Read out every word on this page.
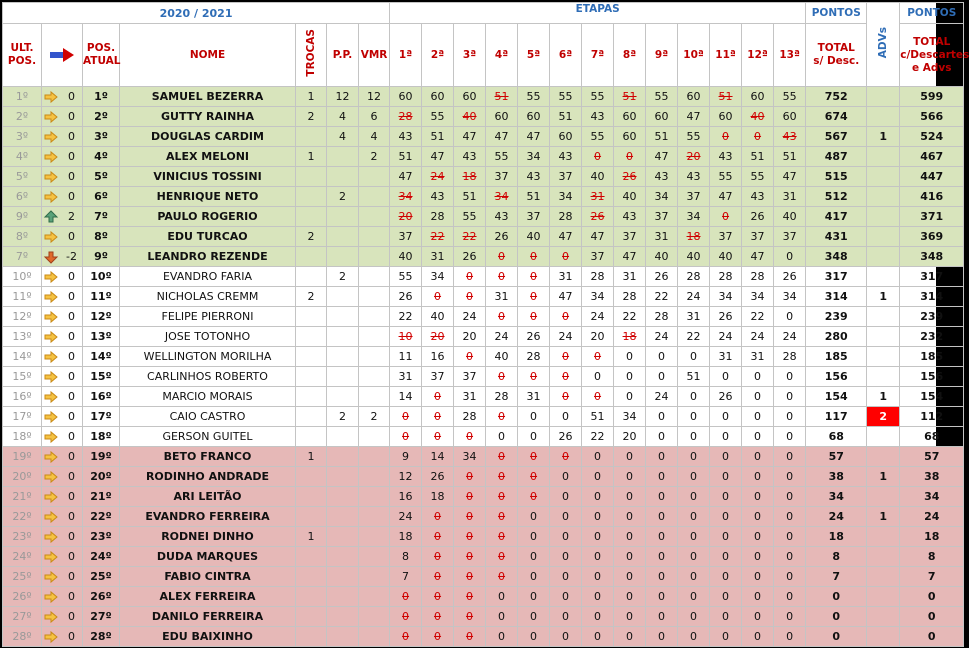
2020 / 2021								ETAPAS													PONTOS	ADVs	PONTOS
ULT.
POS.			POS.
ATUAL	NOME	TROCAS	P.P.	VMR	1ª	2ª	3ª	4ª	5ª	6ª	7ª	8ª	9ª	10ª	11ª	12ª	13ª	TOTAL
s/ Desc.		TOTAL
c/Descartes
e Advs
1º		0	1º	SAMUEL BEZERRA	1	12	12	60	60	60	51	55	55	55	51	55	60	51	60	55	752		599
2º		0	2º	GUTTY RAINHA	2	4	6	28	55	40	60	60	51	43	60	60	47	60	40	60	674		566
3º		0	3º	DOUGLAS CARDIM		4	4	43	51	47	47	47	60	55	60	51	55	0	0	43	567	1	524
4º		0	4º	ALEX MELONI	1		2	51	47	43	55	34	43	0	0	47	20	43	51	51	487		467
5º		0	5º	VINICIUS TOSSINI				47	24	18	37	43	37	40	26	43	43	55	55	47	515		447
6º		0	6º	HENRIQUE NETO		2		34	43	51	34	51	34	31	40	34	37	47	43	31	512		416
9º		2	7º	PAULO ROGERIO				20	28	55	43	37	28	26	43	37	34	0	26	40	417		371
8º		0	8º	EDU TURCAO	2			37	22	22	26	40	47	47	37	31	18	37	37	37	431		369
7º		-2	9º	LEANDRO REZENDE				40	31	26	0	0	0	37	47	40	40	40	47	0	348		348
10º		0	10º	EVANDRO FARIA		2		55	34	0	0	0	31	28	31	26	28	28	28	26	317		317
11º		0	11º	NICHOLAS CREMM	2			26	0	0	31	0	47	34	28	22	24	34	34	34	314	1	314
12º		0	12º	FELIPE PIERRONI				22	40	24	0	0	0	24	22	28	31	26	22	0	239		239
13º		0	13º	JOSE TOTONHO				10	20	20	24	26	24	20	18	24	22	24	24	24	280		232
14º		0	14º	WELLINGTON MORILHA				11	16	0	40	28	0	0	0	0	0	31	31	28	185		185
15º		0	15º	CARLINHOS ROBERTO				31	37	37	0	0	0	0	0	0	51	0	0	0	156		156
16º		0	16º	MARCIO MORAIS				14	0	31	28	31	0	0	0	24	0	26	0	0	154	1	154
17º		0	17º	CAIO CASTRO		2	2	0	0	28	0	0	0	51	34	0	0	0	0	0	117	2	112
18º		0	18º	GERSON GUITEL				0	0	0	0	0	26	22	20	0	0	0	0	0	68		68
19º		0	19º	BETO FRANCO	1			9	14	34	0	0	0	0	0	0	0	0	0	0	57		57
20º		0	20º	RODINHO ANDRADE				12	26	0	0	0	0	0	0	0	0	0	0	0	38	1	38
21º		0	21º	ARI LEITÃO				16	18	0	0	0	0	0	0	0	0	0	0	0	34		34
22º		0	22º	EVANDRO FERREIRA				24	0	0	0	0	0	0	0	0	0	0	0	0	24	1	24
23º		0	23º	RODNEI DINHO	1			18	0	0	0	0	0	0	0	0	0	0	0	0	18		18
24º		0	24º	DUDA MARQUES				8	0	0	0	0	0	0	0	0	0	0	0	0	8		8
25º		0	25º	FABIO CINTRA				7	0	0	0	0	0	0	0	0	0	0	0	0	7		7
26º		0	26º	ALEX FERREIRA				0	0	0	0	0	0	0	0	0	0	0	0	0	0		0
27º		0	27º	DANILO FERREIRA				0	0	0	0	0	0	0	0	0	0	0	0	0	0		0
28º		0	28º	EDU BAIXINHO				0	0	0	0	0	0	0	0	0	0	0	0	0	0		0
